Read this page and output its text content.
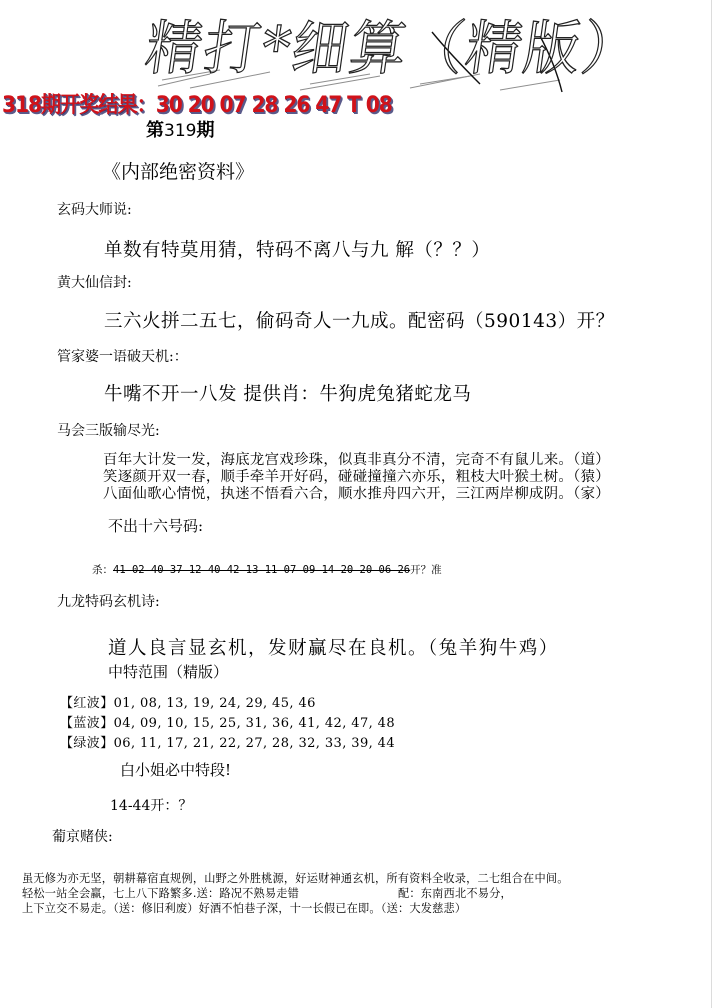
精打*细算（精版）
318期开奖结果：30 20 07 28 26 47 T 08
第319期
《内部绝密资料》
玄码大师说:
单数有特莫用猜，特码不离八与九 解（？？）
黄大仙信封:
三六火拼二五七，偷码奇人一九成。配密码（590143）开？
管家婆一语破天机:：
牛嘴不开一八发 提供肖：牛狗虎兔猪蛇龙马
马会三版输尽光:
百年大计发一发，海底龙宫戏珍珠，似真非真分不清，完奇不有鼠儿来。（道）
笑逐颜开双一春，顺手牵羊开好码，碰碰撞撞六亦乐，粗枝大叶猴土树。（猿）
八面仙歌心情悦，执迷不悟看六合，顺水推舟四六开，三江两岸柳成阴。（家）
不出十六号码:
杀：41 02 40 37 12 40 42 13 11 07 09 14 20 20 06 26开？准
九龙特码玄机诗:
道人良言显玄机，发财赢尽在良机。（兔羊狗牛鸡）
中特范围（精版）
【红波】01, 08, 13, 19, 24, 29, 45, 46
【蓝波】04, 09, 10, 15, 25, 31, 36, 41, 42, 47, 48
【绿波】06, 11, 17, 21, 22, 27, 28, 32, 33, 39, 44
白小姐必中特段!
14-44开：？
葡京赌侠:
虽无修为亦无坚，朝耕幕宿直规例，山野之外胜桃源，好运财神通玄机，所有资料全收录，二七组合在中间。
轻松一站全会赢，七上八下路繁多.送：路况不熟易走错	配：东南西北不易分，
上下立交不易走。（送：修旧利废）好酒不怕巷子深，十一长假已在即。（送：大发慈悲）
